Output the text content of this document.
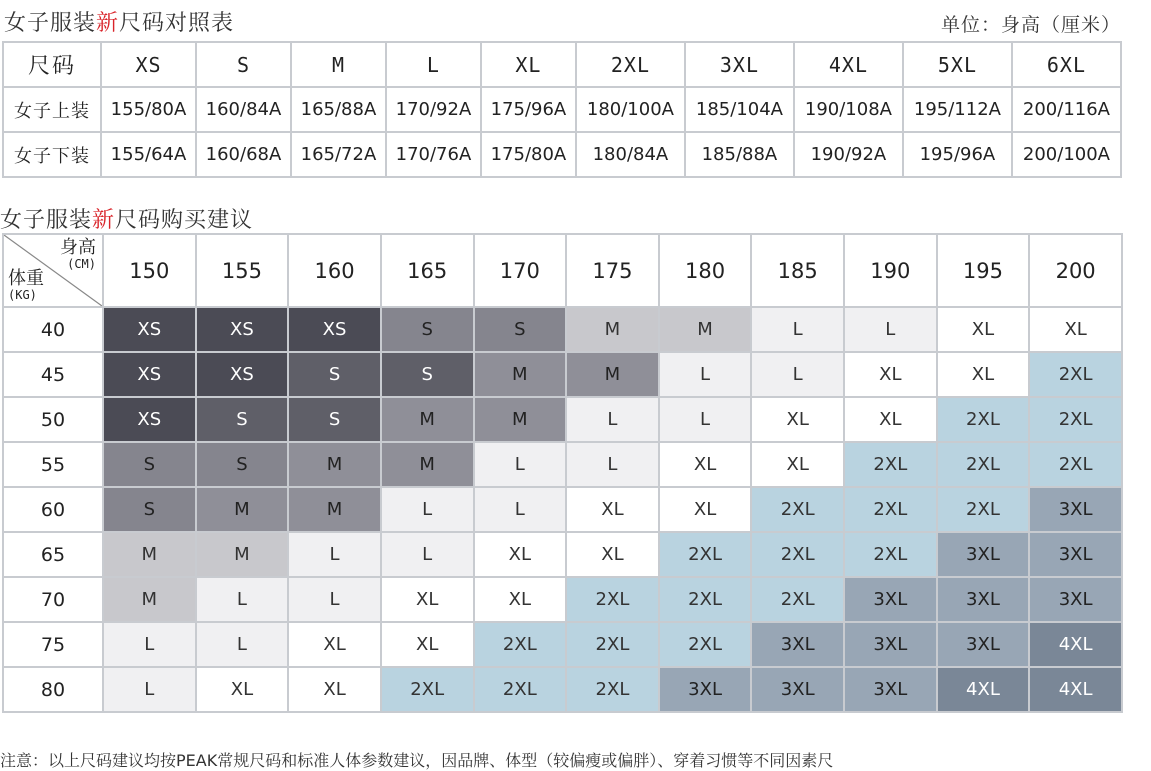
女子服装新尺码对照表	单位：身高（厘米）
尺码	XS	S	M	L	XL	2XL	3XL	4XL	5XL	6XL
女子上装	155/80A	160/84A	165/88A	170/92A	175/96A	180/100A	185/104A	190/108A	195/112A	200/116A
女子下装	155/64A	160/68A	165/72A	170/76A	175/80A	180/84A	185/88A	190/92A	195/96A	200/100A
女子服装新尺码购买建议
身高
(CM)
体重
(KG)	150	155	160	165	170	175	180	185	190	195	200
40	XS	XS	XS	S	S	M	M	L	L	XL	XL
45	XS	XS	S	S	M	M	L	L	XL	XL	2XL
50	XS	S	S	M	M	L	L	XL	XL	2XL	2XL
55	S	S	M	M	L	L	XL	XL	2XL	2XL	2XL
60	S	M	M	L	L	XL	XL	2XL	2XL	2XL	3XL
65	M	M	L	L	XL	XL	2XL	2XL	2XL	3XL	3XL
70	M	L	L	XL	XL	2XL	2XL	2XL	3XL	3XL	3XL
75	L	L	XL	XL	2XL	2XL	2XL	3XL	3XL	3XL	4XL
80	L	XL	XL	2XL	2XL	2XL	3XL	3XL	3XL	4XL	4XL
注意：以上尺码建议均按PEAK常规尺码和标准人体参数建议，因品牌、体型（较偏瘦或偏胖）、穿着习惯等不同因素尺
